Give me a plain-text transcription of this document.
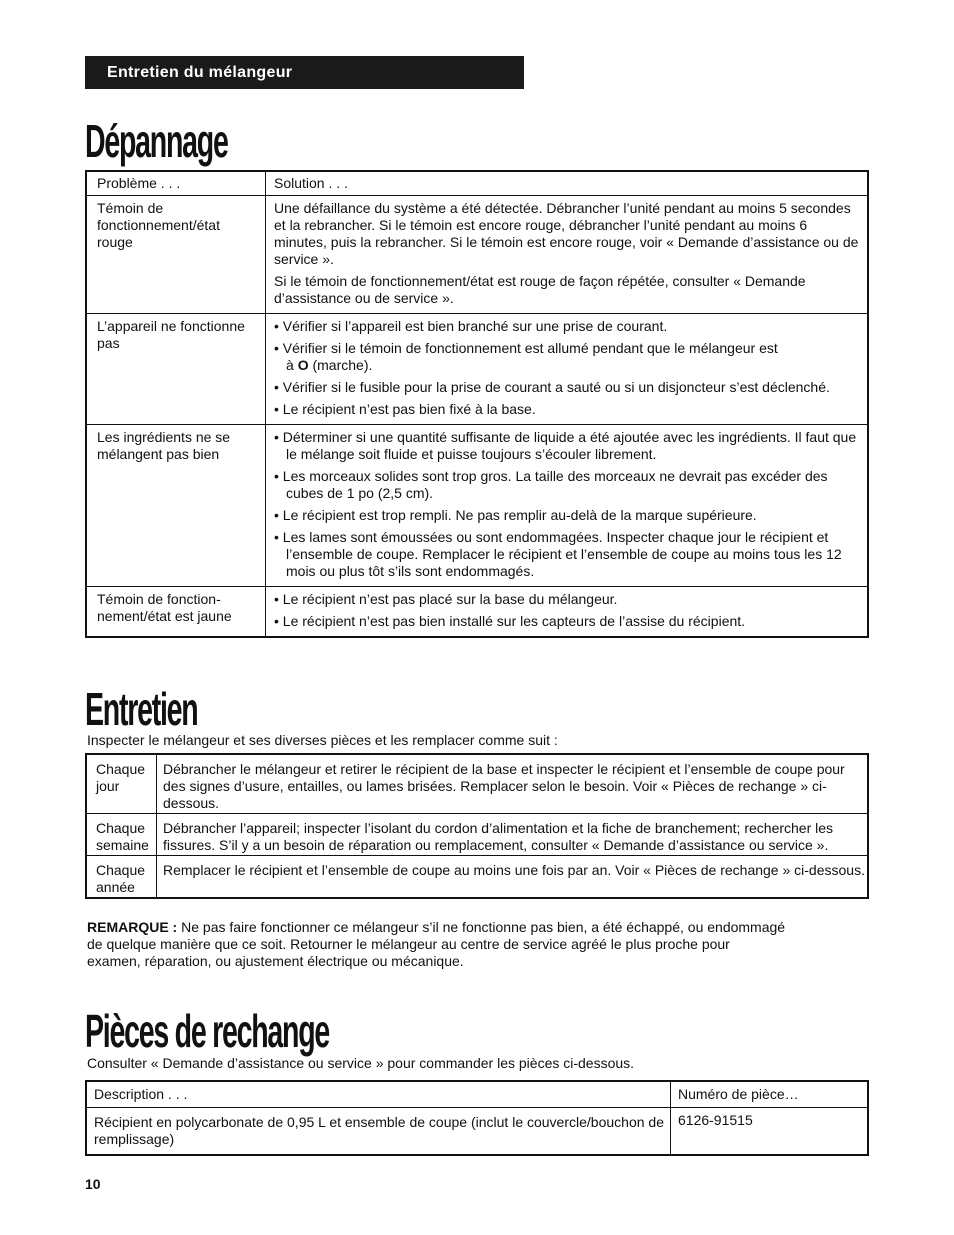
Entretien du mélangeur
Dépannage
Problème . . .	Solution . . .
Témoin de fonctionnement/état rouge	Une défaillance du système a été détectée. Débrancher l’unité pendant au moins 5 secondes et la rebrancher. Si le témoin est encore rouge, débrancher l’unité pendant au moins 6 minutes, puis la rebrancher. Si le témoin est encore rouge, voir « Demande d’assistance ou de service ».

Si le témoin de fonctionnement/état est rouge de façon répétée, consulter « Demande d’assistance ou de service ».

L’appareil ne fonctionne pas	• Vérifier si l’appareil est bien branché sur une prise de courant.
• Vérifier si le témoin de fonctionnement est allumé pendant que le mélangeur est
à O (marche).
• Vérifier si le fusible pour la prise de courant a sauté ou si un disjoncteur s’est déclenché.
• Le récipient n’est pas bien fixé à la base.

Les ingrédients ne se mélangent pas bien	• Déterminer si une quantité suffisante de liquide a été ajoutée avec les ingrédients. Il faut que le mélange soit fluide et puisse toujours s’écouler librement.
• Les morceaux solides sont trop gros. La taille des morceaux ne devrait pas excéder des cubes de 1 po (2,5 cm).
• Le récipient est trop rempli. Ne pas remplir au-delà de la marque supérieure.
• Les lames sont émoussées ou sont endommagées. Inspecter chaque jour le récipient et l’ensemble de coupe. Remplacer le récipient et l’ensemble de coupe au moins tous les 12 mois ou plus tôt s’ils sont endommagés.

Témoin de fonction-nement/état est jaune	• Le récipient n’est pas placé sur la base du mélangeur.
• Le récipient n’est pas bien installé sur les capteurs de l’assise du récipient.
Entretien
Inspecter le mélangeur et ses diverses pièces et les remplacer comme suit :
Chaque jour	Débrancher le mélangeur et retirer le récipient de la base et inspecter le récipient et l’ensemble de coupe pour des signes d’usure, entailles, ou lames brisées. Remplacer selon le besoin. Voir « Pièces de rechange » ci-dessous.
Chaque semaine	Débrancher l’appareil; inspecter l’isolant du cordon d’alimentation et la fiche de branchement; rechercher les fissures. S’il y a un besoin de réparation ou remplacement, consulter « Demande d’assistance ou service ».
Chaque année	Remplacer le récipient et l’ensemble de coupe au moins une fois par an. Voir « Pièces de rechange » ci-dessous.
REMARQUE : Ne pas faire fonctionner ce mélangeur s’il ne fonctionne pas bien, a été échappé, ou endommagé de quelque manière que ce soit. Retourner le mélangeur au centre de service agréé le plus proche pour examen, réparation, ou ajustement électrique ou mécanique.
Pièces de rechange
Consulter « Demande d’assistance ou service » pour commander les pièces ci-dessous.
Description . . .	Numéro de pièce…
Récipient en polycarbonate de 0,95 L et ensemble de coupe (inclut le couvercle/bouchon de remplissage)	6126-91515
10
